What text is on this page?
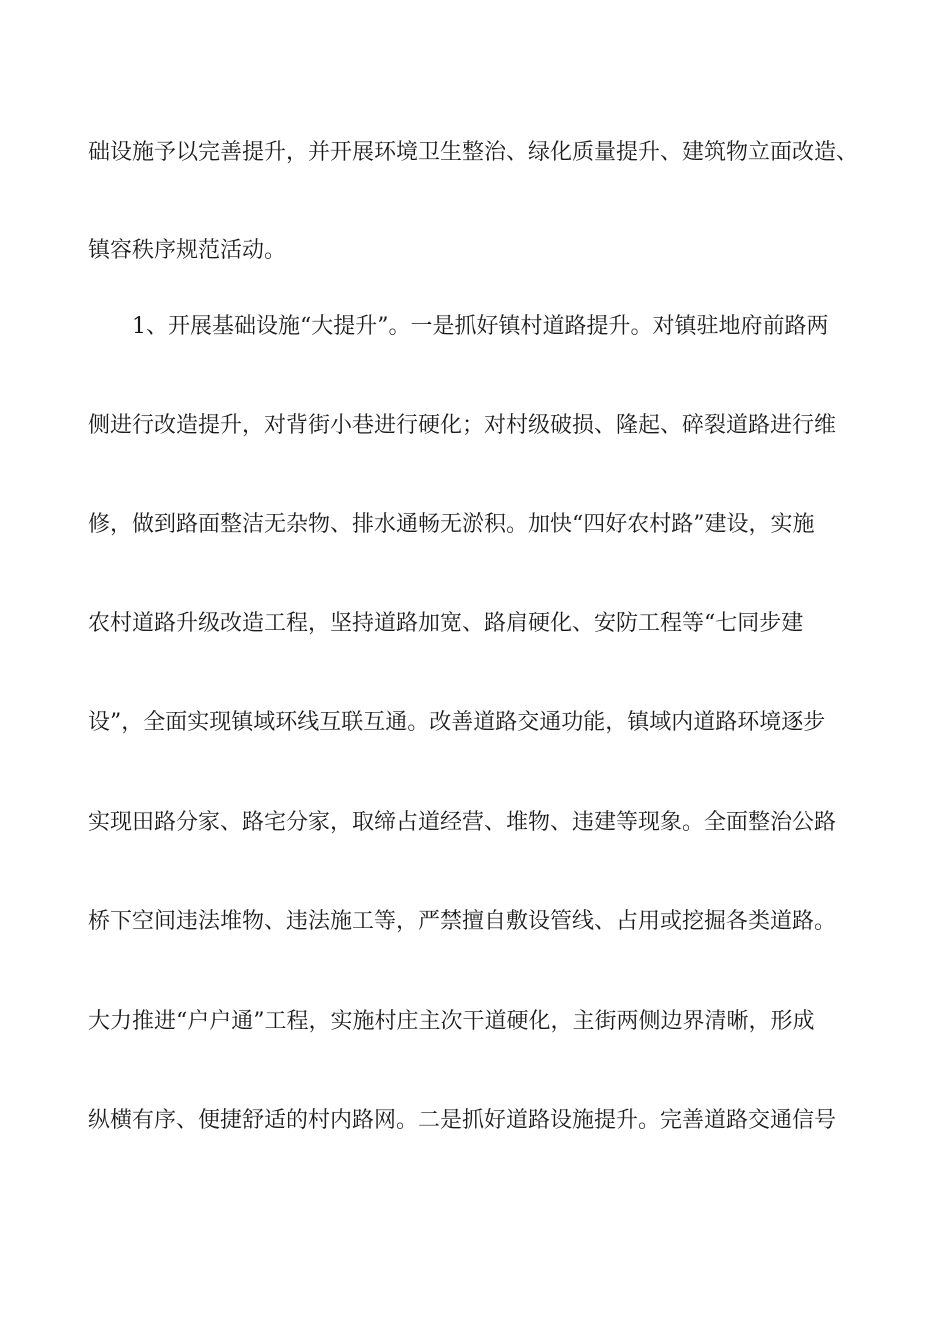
础设施予以完善提升，并开展环境卫生整治、绿化质量提升、建筑物立面改造、
镇容秩序规范活动。
1、开展基础设施“大提升”。一是抓好镇村道路提升。对镇驻地府前路两
侧进行改造提升，对背街小巷进行硬化；对村级破损、隆起、碎裂道路进行维
修，做到路面整洁无杂物、排水通畅无淤积。加快“四好农村路”建设，实施
农村道路升级改造工程，坚持道路加宽、路肩硬化、安防工程等“七同步建
设”，全面实现镇域环线互联互通。改善道路交通功能，镇域内道路环境逐步
实现田路分家、路宅分家，取缔占道经营、堆物、违建等现象。全面整治公路
桥下空间违法堆物、违法施工等，严禁擅自敷设管线、占用或挖掘各类道路。
大力推进“户户通”工程，实施村庄主次干道硬化，主街两侧边界清晰，形成
纵横有序、便捷舒适的村内路网。二是抓好道路设施提升。完善道路交通信号
